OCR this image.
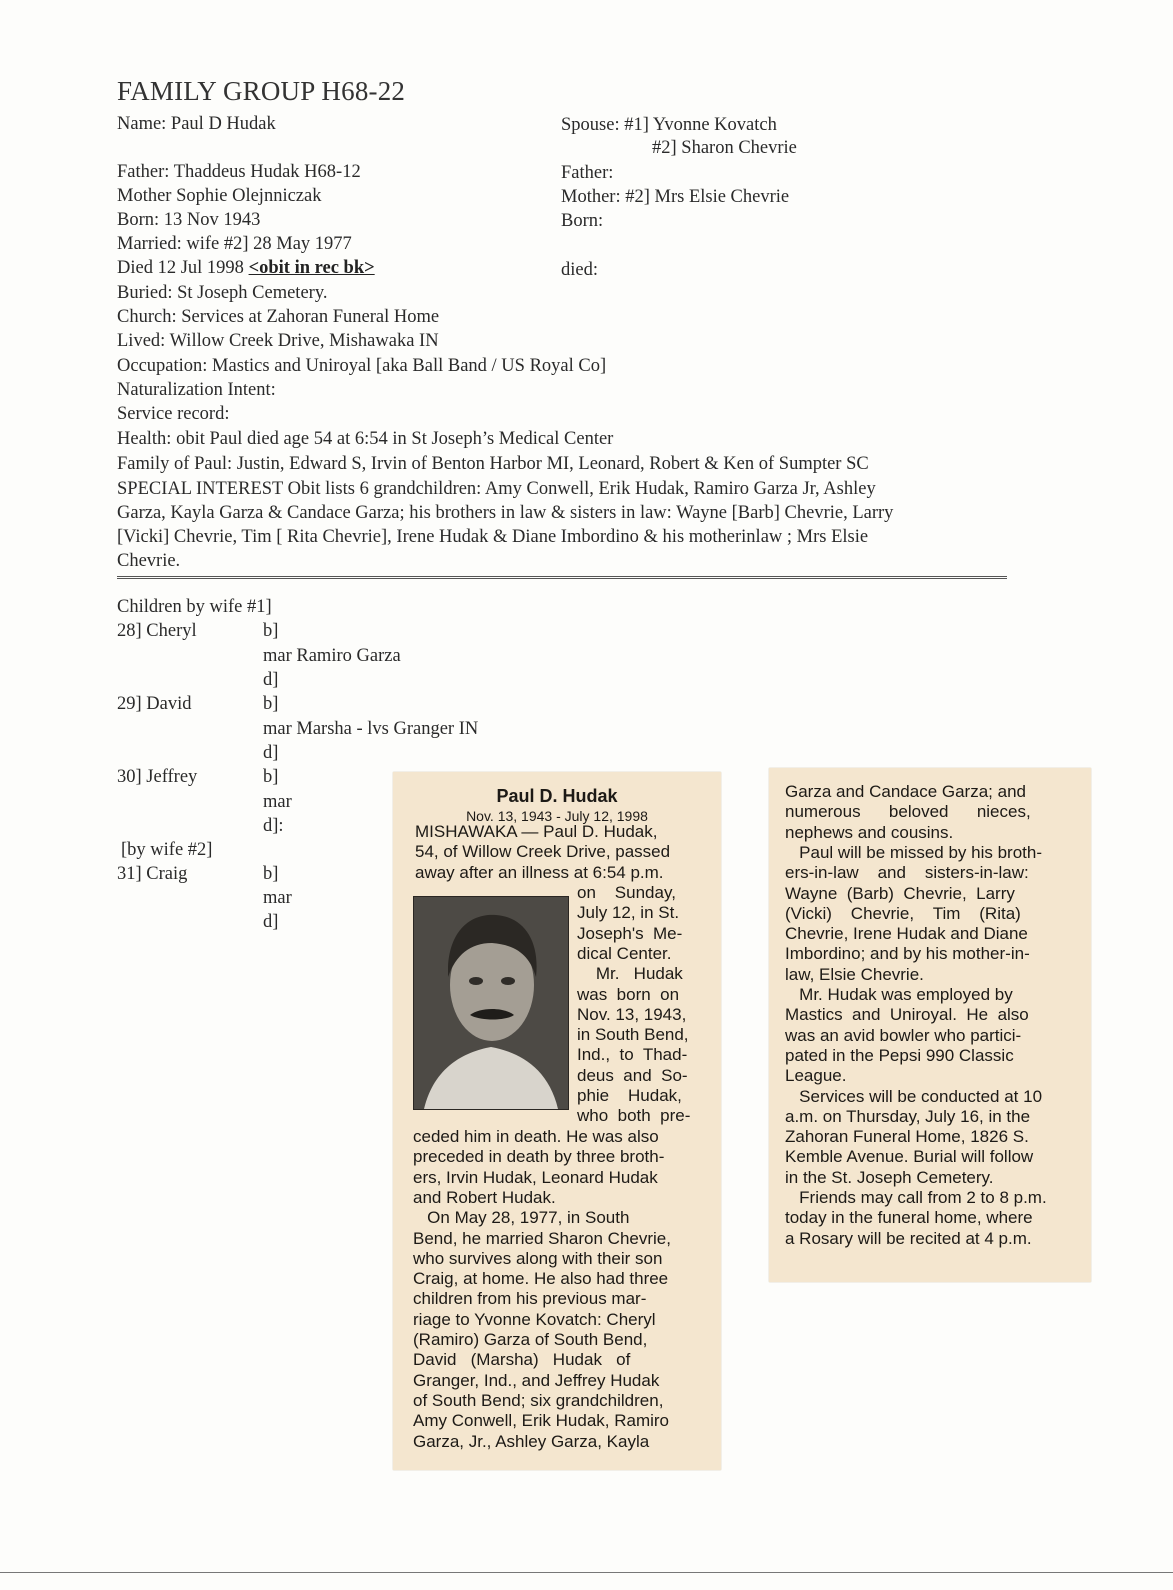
FAMILY GROUP H68-22
Name: Paul D Hudak
Father: Thaddeus Hudak H68-12
Mother Sophie Olejnniczak
Born: 13 Nov 1943
Married: wife #2] 28 May 1977
Died 12 Jul 1998 <obit in rec bk>
Buried: St Joseph Cemetery.
Church: Services at Zahoran Funeral Home
Lived: Willow Creek Drive, Mishawaka IN
Occupation: Mastics and Uniroyal [aka Ball Band / US Royal Co]
Naturalization Intent:
Service record:
Health: obit Paul died age 54 at 6:54 in St Joseph’s Medical Center
Family of Paul: Justin, Edward S, Irvin of Benton Harbor MI, Leonard, Robert & Ken of Sumpter SC
SPECIAL INTEREST Obit lists 6 grandchildren: Amy Conwell, Erik Hudak, Ramiro Garza Jr, Ashley
Garza, Kayla Garza & Candace Garza; his brothers in law & sisters in law: Wayne [Barb] Chevrie, Larry
[Vicki] Chevrie, Tim [ Rita Chevrie], Irene Hudak & Diane Imbordino & his motherinlaw ; Mrs Elsie
Chevrie.
Spouse: #1] Yvonne Kovatch
#2] Sharon Chevrie
Father:
Mother: #2] Mrs Elsie Chevrie
Born:
died:
Children by wife #1]
28] Cheryl	b]
mar Ramiro Garza
d]
29] David	b]
mar Marsha - lvs Granger IN
d]
30] Jeffrey	b]
mar
d]:
[by wife #2]
31] Craig	b]
mar
d]
Paul D. Hudak
Nov. 13, 1943 - July 12, 1998
MISHAWAKA — Paul D. Hudak,
54, of Willow Creek Drive, passed
away after an illness at 6:54 p.m.
on    Sunday,
July 12, in St.
Joseph's  Me-
dical Center.
Mr.   Hudak
was  born  on
Nov. 13, 1943,
in South Bend,
Ind.,  to  Thad-
deus  and  So-
phie    Hudak,
who  both  pre-
ceded him in death. He was also
preceded in death by three broth-
ers, Irvin Hudak, Leonard Hudak
and Robert Hudak.
On May 28, 1977, in South
Bend, he married Sharon Chevrie,
who survives along with their son
Craig, at home. He also had three
children from his previous mar-
riage to Yvonne Kovatch: Cheryl
(Ramiro) Garza of South Bend,
David   (Marsha)   Hudak   of
Granger, Ind., and Jeffrey Hudak
of South Bend; six grandchildren,
Amy Conwell, Erik Hudak, Ramiro
Garza, Jr., Ashley Garza, Kayla
Garza and Candace Garza; and
numerous      beloved      nieces,
nephews and cousins.
Paul will be missed by his broth-
ers-in-law    and    sisters-in-law:
Wayne  (Barb)  Chevrie,  Larry
(Vicki)    Chevrie,    Tim    (Rita)
Chevrie, Irene Hudak and Diane
Imbordino; and by his mother-in-
law, Elsie Chevrie.
Mr. Hudak was employed by
Mastics  and  Uniroyal.  He  also
was an avid bowler who partici-
pated in the Pepsi 990 Classic
League.
Services will be conducted at 10
a.m. on Thursday, July 16, in the
Zahoran Funeral Home, 1826 S.
Kemble Avenue. Burial will follow
in the St. Joseph Cemetery.
Friends may call from 2 to 8 p.m.
today in the funeral home, where
a Rosary will be recited at 4 p.m.
